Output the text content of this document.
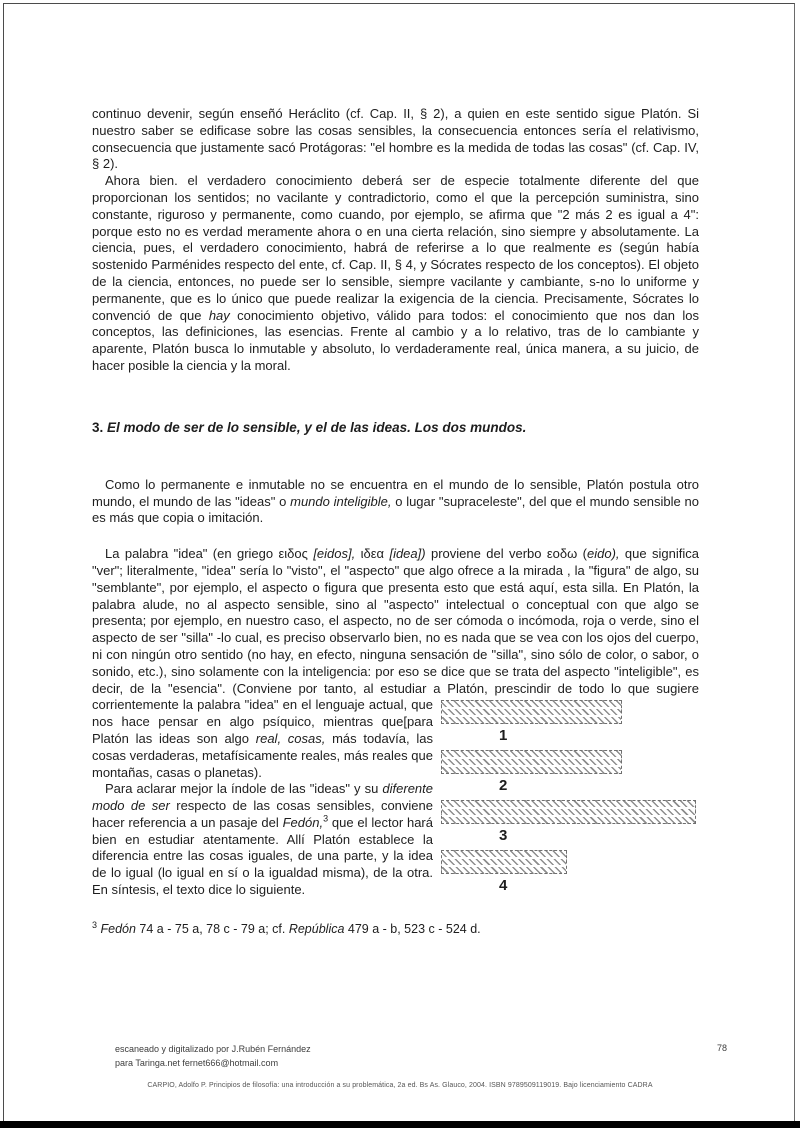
continuo devenir, según enseñó Heráclito (cf. Cap. II, § 2), a quien en este sentido sigue Platón. Si nuestro saber se edificase sobre las cosas sensibles, la consecuencia entonces sería el relativismo, consecuencia que justamente sacó Protágoras: "el hombre es la medida de todas las cosas" (cf. Cap. IV, § 2).

Ahora bien. el verdadero conocimiento deberá ser de especie totalmente diferente del que proporcionan los sentidos; no vacilante y contradictorio, como el que la percepción suministra, sino constante, riguroso y permanente, como cuando, por ejemplo, se afirma que "2 más 2 es igual a 4": porque esto no es verdad meramente ahora o en una cierta relación, sino siempre y absolutamente. La ciencia, pues, el verdadero conocimiento, habrá de referirse a lo que realmente es (según había sostenido Parménides respecto del ente, cf. Cap. II, § 4, y Sócrates respecto de los conceptos). El objeto de la ciencia, entonces, no puede ser lo sensible, siempre vacilante y cambiante, s-no lo uniforme y permanente, que es lo único que puede realizar la exigencia de la ciencia. Precisamente, Sócrates lo convenció de que hay conocimiento objetivo, válido para todos: el conocimiento que nos dan los conceptos, las definiciones, las esencias. Frente al cambio y a lo relativo, tras de lo cambiante y aparente, Platón busca lo inmutable y absoluto, lo verdaderamente real, única manera, a su juicio, de hacer posible la ciencia y la moral.

3. El modo de ser de lo sensible, y el de las ideas. Los dos mundos.

Como lo permanente e inmutable no se encuentra en el mundo de lo sensible, Platón postula otro mundo, el mundo de las "ideas" o mundo inteligible, o lugar "supraceleste", del que el mundo sensible no es más que copia o imitación.

La palabra "idea" (en griego ειδος [eidos], ιδεα [idea]) proviene del verbo εοδω (eido), que significa "ver"; literalmente, "idea" sería lo "visto", el "aspecto" que algo ofrece a la mirada , la "figura" de algo, su "semblante", por ejemplo, el aspecto o figura que presenta esto que está aquí, esta silla. En Platón, la palabra alude, no al aspecto sensible, sino al "aspecto" intelectual o conceptual con que algo se presenta; por ejemplo, en nuestro caso, el aspecto, no de ser cómoda o incómoda, roja o verde, sino el aspecto de ser "silla" -lo cual, es preciso observarlo bien, no es nada que se vea con los ojos del cuerpo, ni con ningún otro sentido (no hay, en efecto, ninguna sensación de "silla", sino sólo de color, o sabor, o sonido, etc.), sino solamente con la inteligencia: por eso se dice que se trata del aspecto "inteligible", es decir, de la "esencia". (Conviene por tanto, al estudiar a Platón, prescindir de todo lo que sugiere corrientemente la palabra "idea" en el
1
2
3
4
lenguaje actual, que nos hace pensar en algo psíquico, mientras que[para Platón las ideas son algo real, cosas, más todavía, las cosas verdaderas, metafísicamente reales, más reales que montañas, casas o planetas).

Para aclarar mejor la índole de las "ideas" y su diferente modo de ser respecto de las cosas sensibles, conviene hacer referencia a un pasaje del Fedón,$^3$ que el lector hará bien en estudiar atentamente. Allí Platón establece la diferencia entre las cosas iguales, de una parte, y la idea de lo igual (lo igual en sí o la igualdad misma), de la otra. En síntesis, el texto dice lo siguiente.

$^3$ Fedón 74 a - 75 a, 78 c - 79 a; cf. República 479 a - b, 523 c - 524 d.
escaneado y digitalizado por J.Rubén Fernández
para Taringa.net fernet666@hotmail.com
78
CARPIO, Adolfo P. Principios de filosofía: una introducción a su problemática, 2a ed. Bs As. Glauco, 2004. ISBN 9789509119019. Bajo licenciamiento CADRA
